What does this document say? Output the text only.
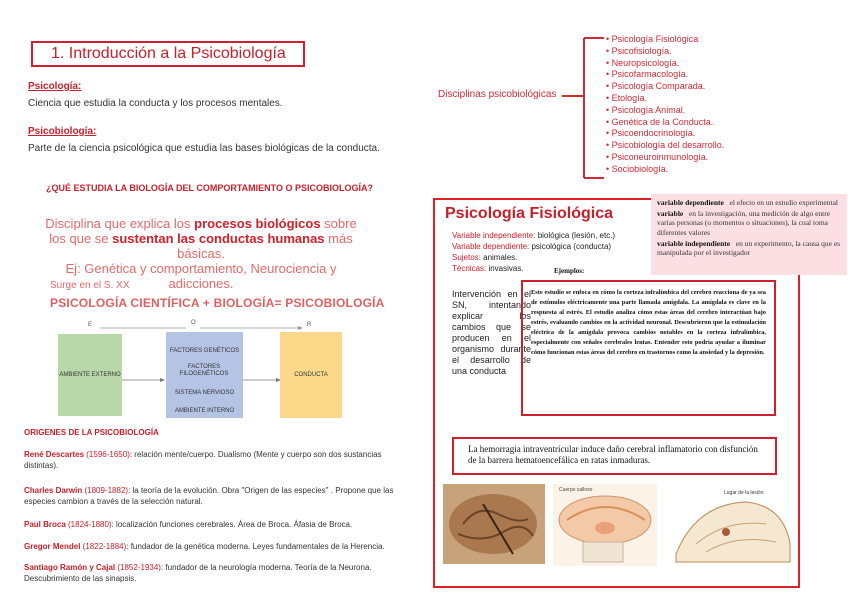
1. Introducción a la Psicobiología
Psicología:
Ciencia que estudia la conducta y los procesos mentales.
Psicobiología:
Parte de la ciencia psicológica que estudia las bases biológicas de la conducta.
¿QUÉ ESTUDIA LA BIOLOGÍA DEL COMPORTAMIENTO O PSICOBIOLOGÍA?
Disciplina que explica los procesos biológicos sobre los que se sustentan las conductas humanas más básicas.
Ej: Genética y comportamiento, Neurociencia y adicciones.
Surge en el S. XX
PSICOLOGÍA CIENTÍFICA + BIOLOGÍA= PSICOBIOLOGÍA
E	O	R
AMBIENTE EXTERNO
FACTORES GENÉTICOS
FACTORES FILOGENÉTICOS
SISTEMA NERVIOSO
AMBIENTE INTERNO
CONDUCTA
ORIGENES DE LA PSICOBIOLOGÍA
René Descartes (1596-1650): relación mente/cuerpo. Dualismo (Mente y cuerpo son dos sustancias distintas).
Charles Darwin (1809-1882): la teoría de la evolución. Obra "Origen de las especies" . Propone que las especies cambion a través de la selección natural.
Paul Broca (1824-1880): localización funciones cerebrales. Área de Broca. Áfasia de Broca.
Gregor Mendel (1822-1884): fundador de la genética moderna. Leyes fundamentales de la Herencia.
Santiago Ramón y Cajal (1852-1934): fundador de la neurología moderna. Teoría de la Neurona. Descubrimiento de las sinapsis.
Disciplinas psicobiológicas
• Psicología Fisiológica
• Psicofisiología.
• Neuropsicología.
• Psicofarmacología.
• Psicología Comparada.
• Etología.
• Psicología Animal.
• Genética de la Conducta.
• Psicoendocrinología.
• Psicobiología del desarrollo.
• Psiconeuroinmunología.
• Sociobiología.
variable dependiente el efecto en un estudio experimental
variable en la investigación, una medición de algo entre varias personas (o momentos o situaciones), la cual toma diferentes valores
variable independiente en un experimento, la causa que es manipulada por el investigador
Psicología Fisiológica
Variable independiente: biológica (lesión, etc.)
Variable dependiente: psicológica (conducta)
Sujetos: animales.
Técnicas: invasivas.	Ejemplos:
Intervención en el SN, intentando explicar los cambios que se producen en el organismo durante el desarrollo de una conducta
Este estudio se enfoca en cómo la corteza infralímbica del cerebro reacciona de ya sea de estímulos eléctricamente una parte llamada amígdala. La amígdala es clave en la respuesta al estrés. El estudio analiza cómo estas áreas del cerebro interactúan bajo estrés, evaluando cambios en la actividad neuronal. Descubrieron que la estimulación eléctrica de la amígdala provoca cambios notables en la corteza infralímbica, especialmente con señales cerebrales lentas. Entender esto podría ayudar a iluminar cómo funcionan estas áreas del cerebro en trastornos como la ansiedad y la depresión.
La hemorragia intraventricular induce daño cerebral inflamatorio con disfunción de la barrera hematoencefálica en ratas inmaduras.
Cuerpo calloso	Lugar de la lesión
